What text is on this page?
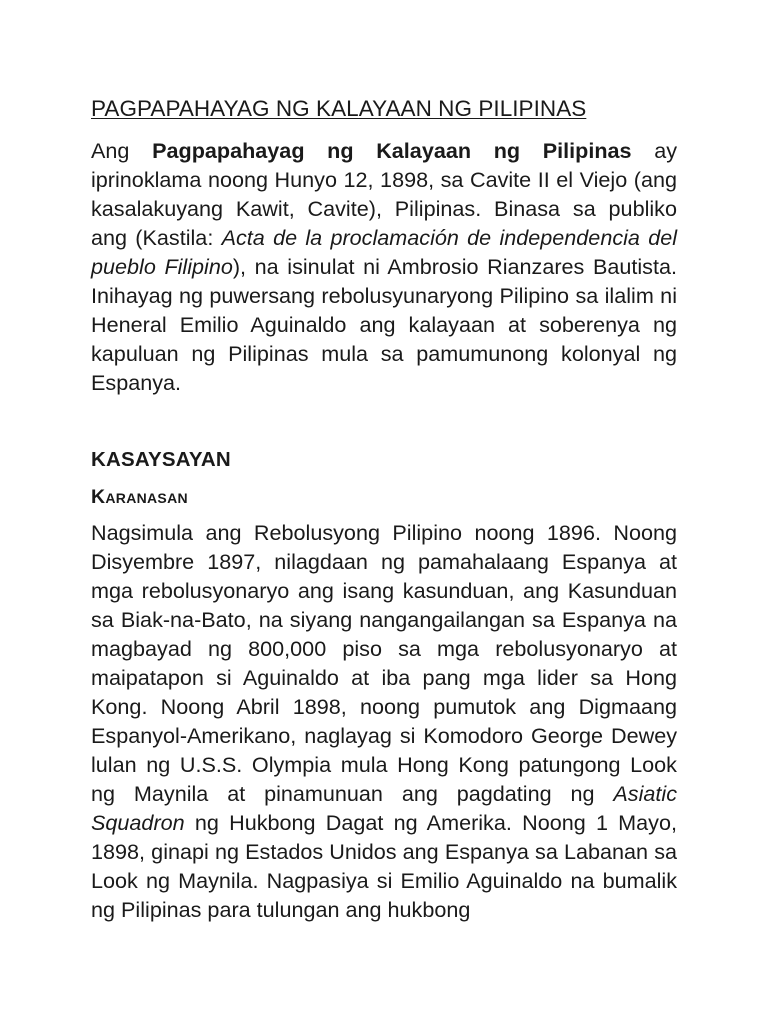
PAGPAPAHAYAG NG KALAYAAN NG PILIPINAS

Ang Pagpapahayag ng Kalayaan ng Pilipinas ay iprinoklama noong Hunyo 12, 1898, sa Cavite II el Viejo (ang kasalakuyang Kawit, Cavite), Pilipinas. Binasa sa publiko ang (Kastila: Acta de la proclamación de independencia del pueblo Filipino), na isinulat ni Ambrosio Rianzares Bautista. Inihayag ng puwersang rebolusyunaryong Pilipino sa ilalim ni Heneral Emilio Aguinaldo ang kalayaan at soberenya ng kapuluan ng Pilipinas mula sa pamumunong kolonyal ng Espanya.

KASAYSAYAN
Karanasan

Nagsimula ang Rebolusyong Pilipino noong 1896. Noong Disyembre 1897, nilagdaan ng pamahalaang Espanya at mga rebolusyonaryo ang isang kasunduan, ang Kasunduan sa Biak-na-Bato, na siyang nangangailangan sa Espanya na magbayad ng 800,000 piso sa mga rebolusyonaryo at maipatapon si Aguinaldo at iba pang mga lider sa Hong Kong. Noong Abril 1898, noong pumutok ang Digmaang Espanyol-Amerikano, naglayag si Komodoro George Dewey lulan ng U.S.S. Olympia mula Hong Kong patungong Look ng Maynila at pinamunuan ang pagdating ng Asiatic Squadron ng Hukbong Dagat ng Amerika. Noong 1 Mayo, 1898, ginapi ng Estados Unidos ang Espanya sa Labanan sa Look ng Maynila. Nagpasiya si Emilio Aguinaldo na bumalik ng Pilipinas para tulungan ang hukbong
